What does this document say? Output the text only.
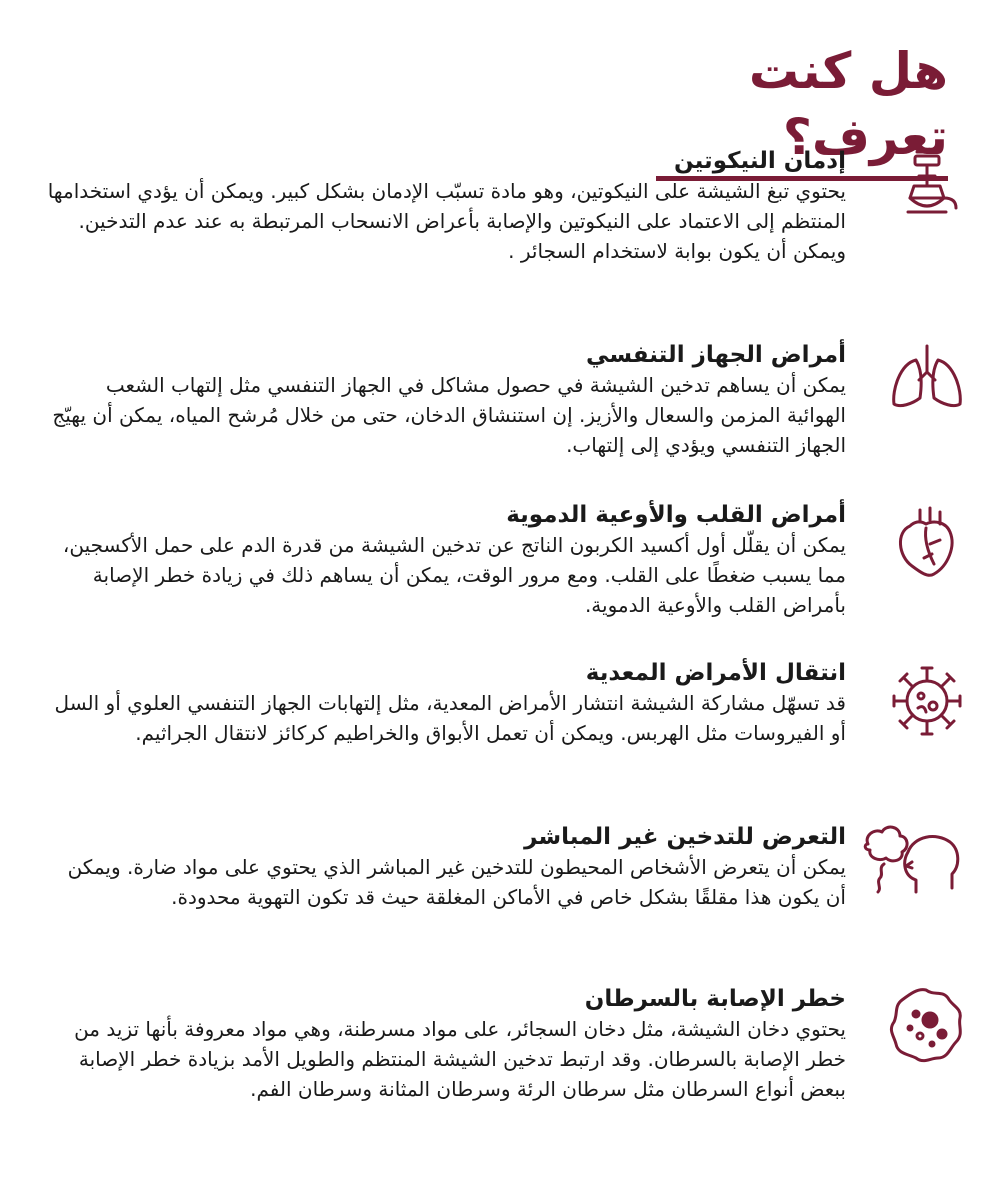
هل كنت تعرف؟
إدمان النيكوتين

يحتوي تبغ الشيشة على النيكوتين، وهو مادة تسبّب الإدمان بشكل كبير. ويمكن أن يؤدي استخدامها المنتظم إلى الاعتماد على النيكوتين والإصابة بأعراض الانسحاب المرتبطة به عند عدم التدخين. ويمكن أن يكون بوابة لاستخدام السجائر .

أمراض الجهاز التنفسي

يمكن أن يساهم تدخين الشيشة في حصول مشاكل في الجهاز التنفسي مثل إلتهاب الشعب الهوائية المزمن والسعال والأزيز. إن استنشاق الدخان، حتى من خلال مُرشح المياه، يمكن أن يهيّج الجهاز التنفسي ويؤدي إلى إلتهاب.

أمراض القلب والأوعية الدموية

يمكن أن يقلّل أول أكسيد الكربون الناتج عن تدخين الشيشة من قدرة الدم على حمل الأكسجين، مما يسبب ضغطًا على القلب. ومع مرور الوقت، يمكن أن يساهم ذلك في زيادة خطر الإصابة بأمراض القلب والأوعية الدموية.

انتقال الأمراض المعدية

قد تسهّل مشاركة الشيشة انتشار الأمراض المعدية، مثل إلتهابات الجهاز التنفسي العلوي أو السل أو الفيروسات مثل الهربس. ويمكن أن تعمل الأبواق والخراطيم كركائز لانتقال الجراثيم.

التعرض للتدخين غير المباشر

يمكن أن يتعرض الأشخاص المحيطون للتدخين غير المباشر الذي يحتوي على مواد ضارة. ويمكن أن يكون هذا مقلقًا بشكل خاص في الأماكن المغلقة حيث قد تكون التهوية محدودة.

خطر الإصابة بالسرطان

يحتوي دخان الشيشة، مثل دخان السجائر، على مواد مسرطنة، وهي مواد معروفة بأنها تزيد من خطر الإصابة بالسرطان. وقد ارتبط تدخين الشيشة المنتظم والطويل الأمد بزيادة خطر الإصابة ببعض أنواع السرطان مثل سرطان الرئة وسرطان المثانة وسرطان الفم.
